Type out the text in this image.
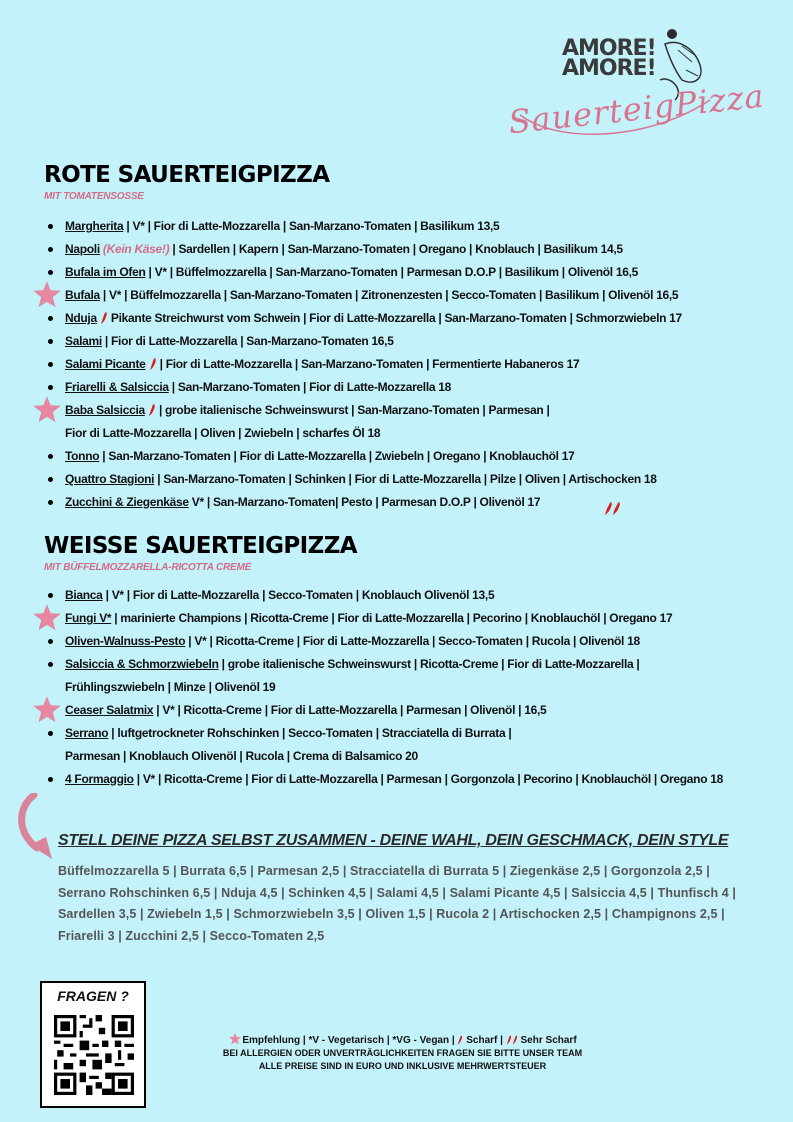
AMORE!
AMORE!
SauerteigPizza
ROTE SAUERTEIGPIZZA

MIT TOMATENSOSSE

Margherita | V* | Fior di Latte-Mozzarella | San-Marzano-Tomaten | Basilikum 13,5
Napoli (Kein Käse!) | Sardellen | Kapern | San-Marzano-Tomaten | Oregano | Knoblauch | Basilikum 14,5
Bufala im Ofen | V* | Büffelmozzarella | San-Marzano-Tomaten | Parmesan D.O.P | Basilikum | Olivenöl 16,5
Bufala | V* | Büffelmozzarella | San-Marzano-Tomaten | Zitronenzesten | Secco-Tomaten | Basilikum | Olivenöl 16,5
Nduja  Pikante Streichwurst vom Schwein | Fior di Latte-Mozzarella | San-Marzano-Tomaten | Schmorzwiebeln 17
Salami | Fior di Latte-Mozzarella | San-Marzano-Tomaten 16,5
Salami Picante  | Fior di Latte-Mozzarella | San-Marzano-Tomaten | Fermentierte Habaneros 17
Friarelli & Salsiccia | San-Marzano-Tomaten | Fior di Latte-Mozzarella 18
Baba Salsiccia  | grobe italienische Schweinswurst | San-Marzano-Tomaten | Parmesan |
Fior di Latte-Mozzarella | Oliven | Zwiebeln | scharfes Öl 18
Tonno | San-Marzano-Tomaten | Fior di Latte-Mozzarella | Zwiebeln | Oregano | Knoblauchöl 17
Quattro Stagioni | San-Marzano-Tomaten | Schinken | Fior di Latte-Mozzarella | Pilze | Oliven | Artischocken 18
Zucchini & Ziegenkäse V* | San-Marzano-Tomaten| Pesto | Parmesan D.O.P | Olivenöl 17
WEISSE SAUERTEIGPIZZA

MIT BÜFFELMOZZARELLA-RICOTTA CREME

Bianca | V* | Fior di Latte-Mozzarella | Secco-Tomaten | Knoblauch Olivenöl 13,5
Fungi V* | marinierte Champions | Ricotta-Creme | Fior di Latte-Mozzarella | Pecorino | Knoblauchöl | Oregano 17
Oliven-Walnuss-Pesto | V* | Ricotta-Creme | Fior di Latte-Mozzarella | Secco-Tomaten | Rucola | Olivenöl 18
Salsiccia & Schmorzwiebeln | grobe italienische Schweinswurst | Ricotta-Creme | Fior di Latte-Mozzarella |
Frühlingszwiebeln | Minze | Olivenöl 19
Ceaser Salatmix | V* | Ricotta-Creme | Fior di Latte-Mozzarella | Parmesan | Olivenöl | 16,5
Serrano | luftgetrockneter Rohschinken | Secco-Tomaten | Stracciatella di Burrata |
Parmesan | Knoblauch Olivenöl | Rucola | Crema di Balsamico 20
4 Formaggio | V* | Ricotta-Creme | Fior di Latte-Mozzarella | Parmesan | Gorgonzola | Pecorino | Knoblauchöl | Oregano 18

STELL DEINE PIZZA SELBST ZUSAMMEN - DEINE WAHL, DEIN GESCHMACK, DEIN STYLE

Büffelmozzarella 5 | Burrata 6,5 | Parmesan 2,5 | Stracciatella di Burrata 5 | Ziegenkäse 2,5 | Gorgonzola 2,5 | Serrano Rohschinken 6,5 | Nduja 4,5 | Schinken 4,5 | Salami 4,5 | Salami Picante 4,5 | Salsiccia 4,5 | Thunfisch 4 | Sardellen 3,5 | Zwiebeln 1,5 | Schmorzwiebeln 3,5 | Oliven 1,5 | Rucola 2 | Artischocken 2,5 | Champignons 2,5 | Friarelli 3 | Zucchini 2,5 | Secco-Tomaten 2,5

FRAGEN ?
Empfehlung | *V - Vegetarisch | *VG - Vegan |  Scharf |  Sehr Scharf
BEI ALLERGIEN ODER UNVERTRÄGLICHKEITEN FRAGEN SIE BITTE UNSER TEAM
ALLE PREISE SIND IN EURO UND INKLUSIVE MEHRWERTSTEUER
